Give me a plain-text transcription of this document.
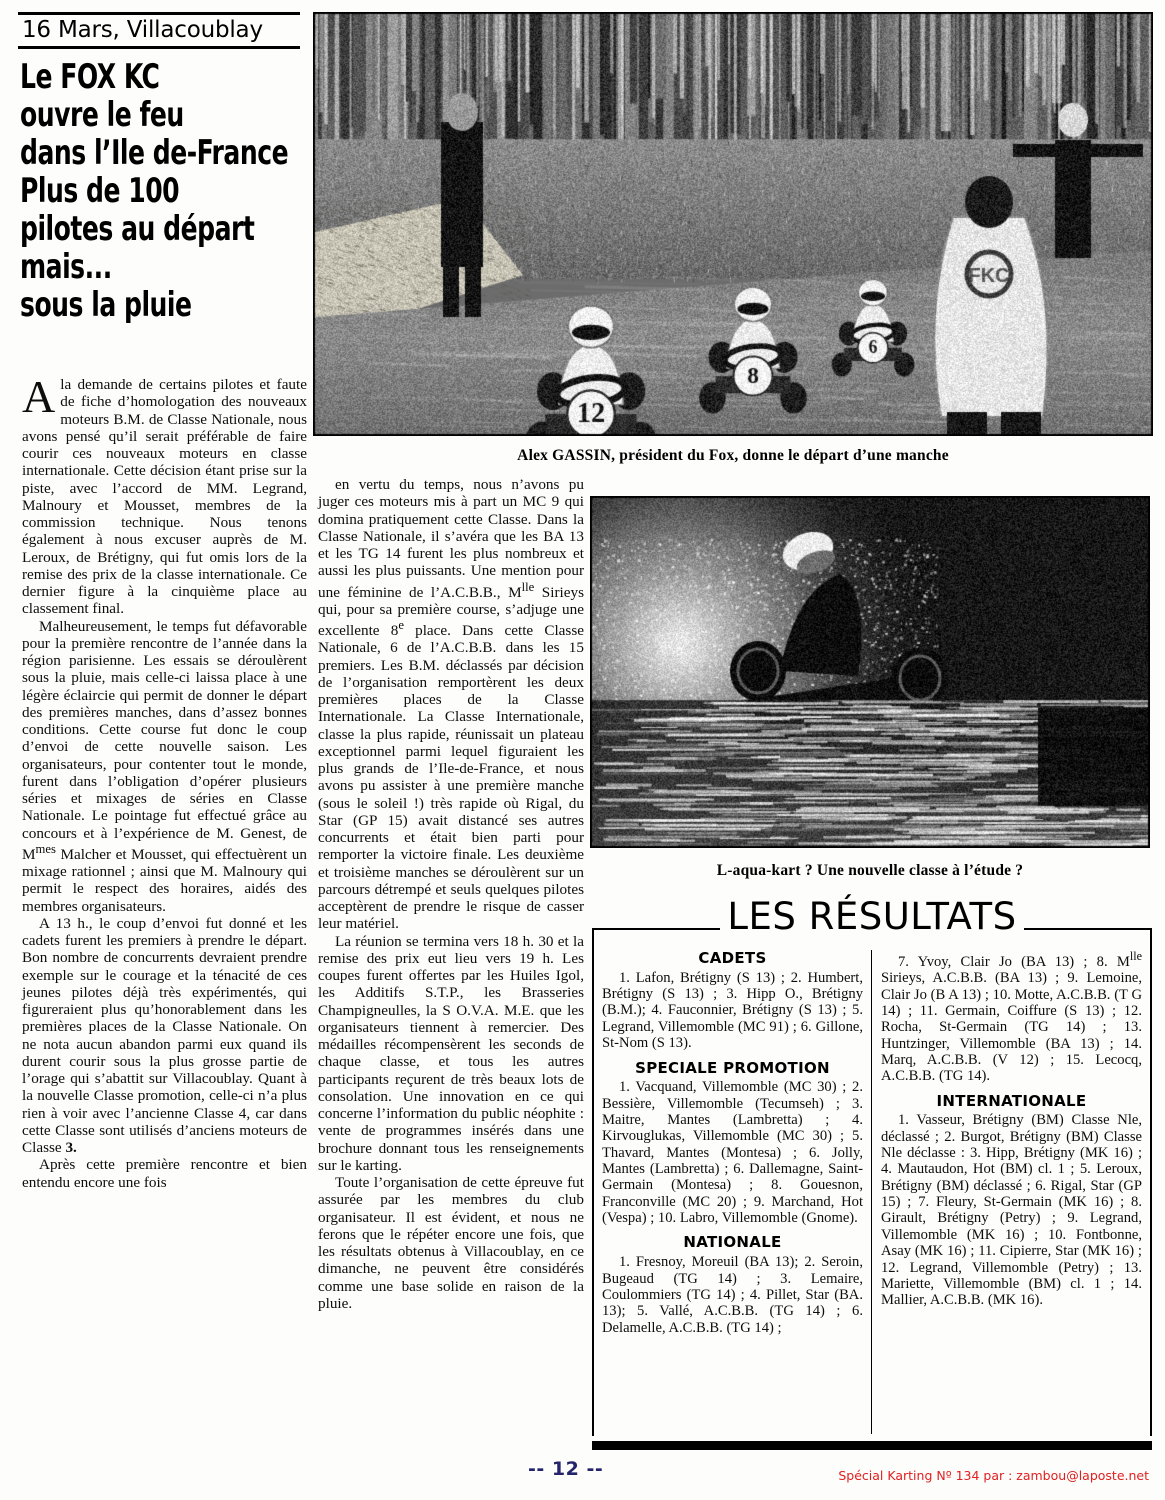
16 Mars, Villacoublay
Le FOX KC
ouvre le feu
dans l’Ile de-France
Plus de 100
pilotes au départ
mais...
sous la pluie
Alex GASSIN, président du Fox, donne le départ d’une manche
L-aqua-kart ? Une nouvelle classe à l’étude ?

A la demande de certains pilotes et faute de fiche d’homologation des nouveaux moteurs B.M. de Classe Nationale, nous avons pensé qu’il serait préférable de faire courir ces nouveaux moteurs en classe internationale. Cette décision étant prise sur la piste, avec l’accord de MM. Legrand, Malnoury et Mousset, membres de la commission technique. Nous tenons également à nous excuser auprès de M. Leroux, de Brétigny, qui fut omis lors de la remise des prix de la classe internationale. Ce dernier figure à la cinquième place au classement final.

Malheureusement, le temps fut défavorable pour la première rencontre de l’année dans la région parisienne. Les essais se déroulèrent sous la pluie, mais celle-ci laissa place à une légère éclaircie qui permit de donner le départ des premières manches, dans d’assez bonnes conditions. Cette course fut donc le coup d’envoi de cette nouvelle saison. Les organisateurs, pour contenter tout le monde, furent dans l’obligation d’opérer plusieurs séries et mixages de séries en Classe Nationale. Le pointage fut effectué grâce au concours et à l’expérience de M. Genest, de $M^{mes}$ Malcher et Mousset, qui effectuèrent un mixage rationnel ; ainsi que M. Malnoury qui permit le respect des horaires, aidés des membres organisateurs.

A 13 h., le coup d’envoi fut donné et les cadets furent les premiers à prendre le départ. Bon nombre de concurrents devraient prendre exemple sur le courage et la ténacité de ces jeunes pilotes déjà très expérimentés, qui figureraient plus qu’honorablement dans les premières places de la Classe Nationale. On ne nota aucun abandon parmi eux quand ils durent courir sous la plus grosse partie de l’orage qui s’abattit sur Villacoublay. Quant à la nouvelle Classe promotion, celle-ci n’a plus rien à voir avec l’ancienne Classe 4, car dans cette Classe sont utilisés d’anciens moteurs de Classe 3.

Après cette première rencontre et bien entendu encore une fois

en vertu du temps, nous n’avons pu juger ces moteurs mis à part un MC 9 qui domina pratiquement cette Classe. Dans la Classe Nationale, il s’avéra que les BA 13 et les TG 14 furent les plus nombreux et aussi les plus puissants. Une mention pour une féminine de l’A.C.B.B., $M^{lle}$ Sirieys qui, pour sa première course, s’adjuge une excellente 8e place. Dans cette Classe Nationale, 6 de l’A.C.B.B. dans les 15 premiers. Les B.M. déclassés par décision de l’organisation remportèrent les deux premières places de la Classe Internationale. La Classe Internationale, classe la plus rapide, réunissait un plateau exceptionnel parmi lequel figuraient les plus grands de l’Ile-de-France, et nous avons pu assister à une première manche (sous le soleil !) très rapide où Rigal, du Star (GP 15) avait distancé ses autres concurrents et était bien parti pour remporter la victoire finale. Les deuxième et troisième manches se déroulèrent sur un parcours détrempé et seuls quelques pilotes acceptèrent de prendre le risque de casser leur matériel.

La réunion se termina vers 18 h. 30 et la remise des prix eut lieu vers 19 h. Les coupes furent offertes par les Huiles Igol, les Additifs S.T.P., les Brasseries Champigneulles, la S O.V.A. M.E. que les organisateurs tiennent à remercier. Des médailles récompensèrent les seconds de chaque classe, et tous les autres participants reçurent de très beaux lots de consolation. Une innovation en ce qui concerne l’information du public néophite : vente de programmes insérés dans une brochure donnant tous les renseignements sur le karting.

Toute l’organisation de cette épreuve fut assurée par les membres du club organisateur. Il est évident, et nous ne ferons que le répéter encore une fois, que les résultats obtenus à Villacoublay, en ce dimanche, ne peuvent être considérés comme une base solide en raison de la pluie.

LES RÉSULTATS
CADETS

1. Lafon, Brétigny (S 13) ; 2. Humbert, Brétigny (S 13) ; 3. Hipp O., Brétigny (B.M.); 4. Fauconnier, Brétigny (S 13) ; 5. Legrand, Villemomble (MC 91) ; 6. Gillone, St-Nom (S 13).

SPECIALE PROMOTION

1. Vacquand, Villemomble (MC 30) ; 2. Bessière, Villemomble (Tecumseh) ; 3. Maitre, Mantes (Lambretta) ; 4. Kirvouglukas, Villemomble (MC 30) ; 5. Thavard, Mantes (Montesa) ; 6. Jolly, Mantes (Lambretta) ; 6. Dallemagne, Saint-Germain (Montesa) ; 8. Gouesnon, Franconville (MC 20) ; 9. Marchand, Hot (Vespa) ; 10. Labro, Villemomble (Gnome).

NATIONALE

1. Fresnoy, Moreuil (BA 13); 2. Seroin, Bugeaud (TG 14) ; 3. Lemaire, Coulommiers (TG 14) ; 4. Pillet, Star (BA. 13); 5. Vallé, A.C.B.B. (TG 14) ; 6. Delamelle, A.C.B.B. (TG 14) ;

7. Yvoy, Clair Jo (BA 13) ; 8. $M^{lle}$ Sirieys, A.C.B.B. (BA 13) ; 9. Lemoine, Clair Jo (B A 13) ; 10. Motte, A.C.B.B. (T G 14) ; 11. Germain, Coiffure (S 13) ; 12. Rocha, St-Germain (TG 14) ; 13. Huntzinger, Villemomble (BA 13) ; 14. Marq, A.C.B.B. (V 12) ; 15. Lecocq, A.C.B.B. (TG 14).

INTERNATIONALE

1. Vasseur, Brétigny (BM) Classe Nle, déclassé ; 2. Burgot, Brétigny (BM) Classe Nle déclasse : 3. Hipp, Brétigny (MK 16) ; 4. Mautaudon, Hot (BM) cl. 1 ; 5. Leroux, Brétigny (BM) déclassé ; 6. Rigal, Star (GP 15) ; 7. Fleury, St-Germain (MK 16) ; 8. Girault, Brétigny (Petry) ; 9. Legrand, Villemomble (MK 16) ; 10. Fontbonne, Asay (MK 16) ; 11. Cipierre, Star (MK 16) ; 12. Legrand, Villemomble (Petry) ; 13. Mariette, Villemomble (BM) cl. 1 ; 14. Mallier, A.C.B.B. (MK 16).

-- 12 --	Spécial Karting Nº 134 par : zambou@laposte.net
